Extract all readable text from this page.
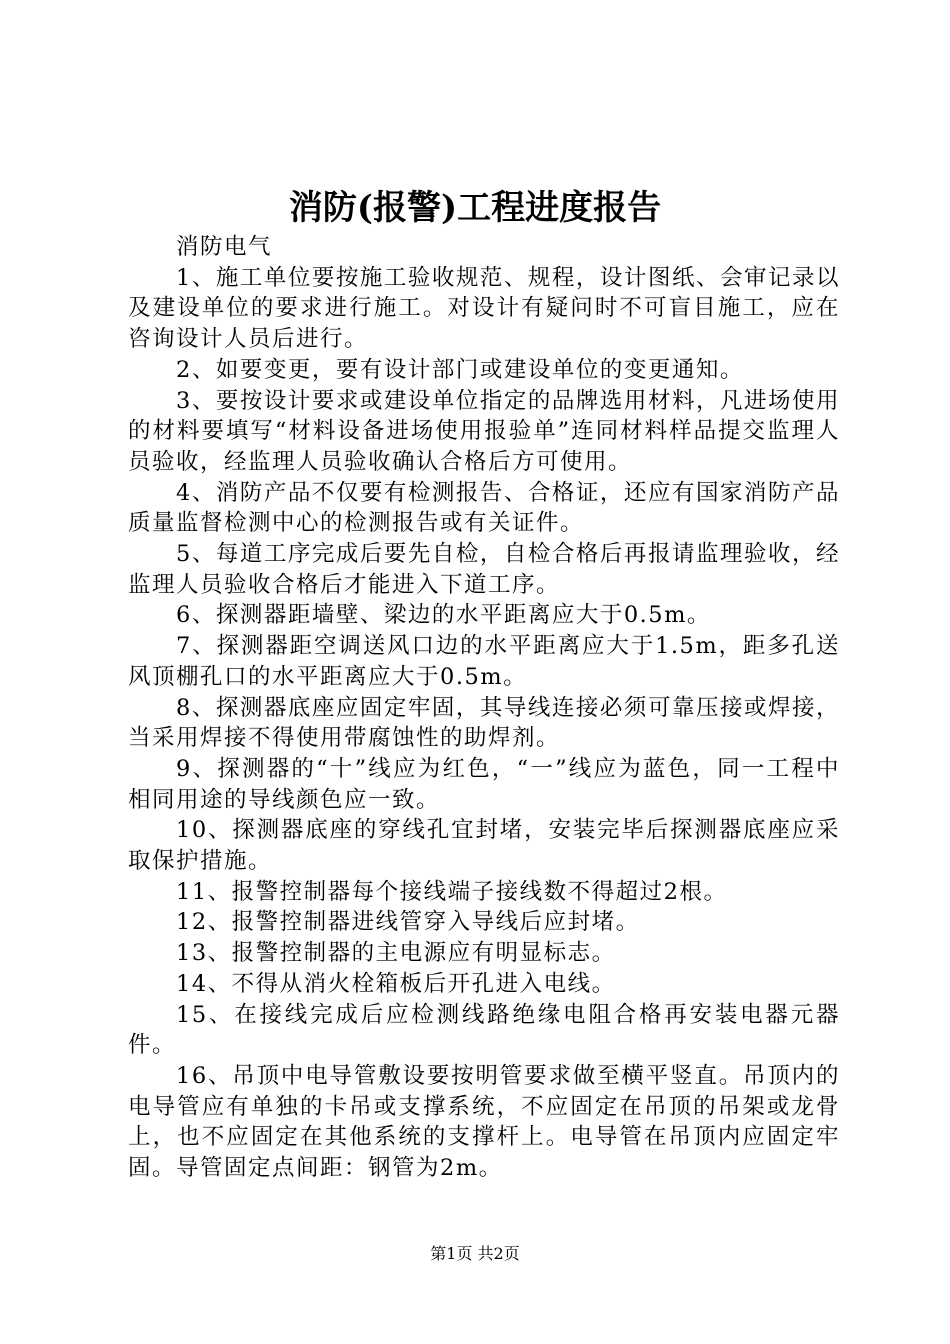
消防(报警)工程进度报告

消防电气

1、施工单位要按施工验收规范、规程，设计图纸、会审记录以及建设单位的要求进行施工。对设计有疑问时不可盲目施工，应在咨询设计人员后进行。

2、如要变更，要有设计部门或建设单位的变更通知。

3、要按设计要求或建设单位指定的品牌选用材料，凡进场使用的材料要填写“材料设备进场使用报验单”连同材料样品提交监理人员验收，经监理人员验收确认合格后方可使用。

4、消防产品不仅要有检测报告、合格证，还应有国家消防产品质量监督检测中心的检测报告或有关证件。

5、每道工序完成后要先自检，自检合格后再报请监理验收，经监理人员验收合格后才能进入下道工序。

6、探测器距墙壁、梁边的水平距离应大于0.5m。

7、探测器距空调送风口边的水平距离应大于1.5m，距多孔送风顶棚孔口的水平距离应大于0.5m。

8、探测器底座应固定牢固，其导线连接必须可靠压接或焊接，当采用焊接不得使用带腐蚀性的助焊剂。

9、探测器的“十”线应为红色，“一”线应为蓝色，同一工程中相同用途的导线颜色应一致。

10、探测器底座的穿线孔宜封堵，安装完毕后探测器底座应采取保护措施。

11、报警控制器每个接线端子接线数不得超过2根。

12、报警控制器进线管穿入导线后应封堵。

13、报警控制器的主电源应有明显标志。

14、不得从消火栓箱板后开孔进入电线。

15、在接线完成后应检测线路绝缘电阻合格再安装电器元器件。

16、吊顶中电导管敷设要按明管要求做至横平竖直。吊顶内的电导管应有单独的卡吊或支撑系统，不应固定在吊顶的吊架或龙骨上，也不应固定在其他系统的支撑杆上。电导管在吊顶内应固定牢固。导管固定点间距：钢管为2m。

第1页 共2页
